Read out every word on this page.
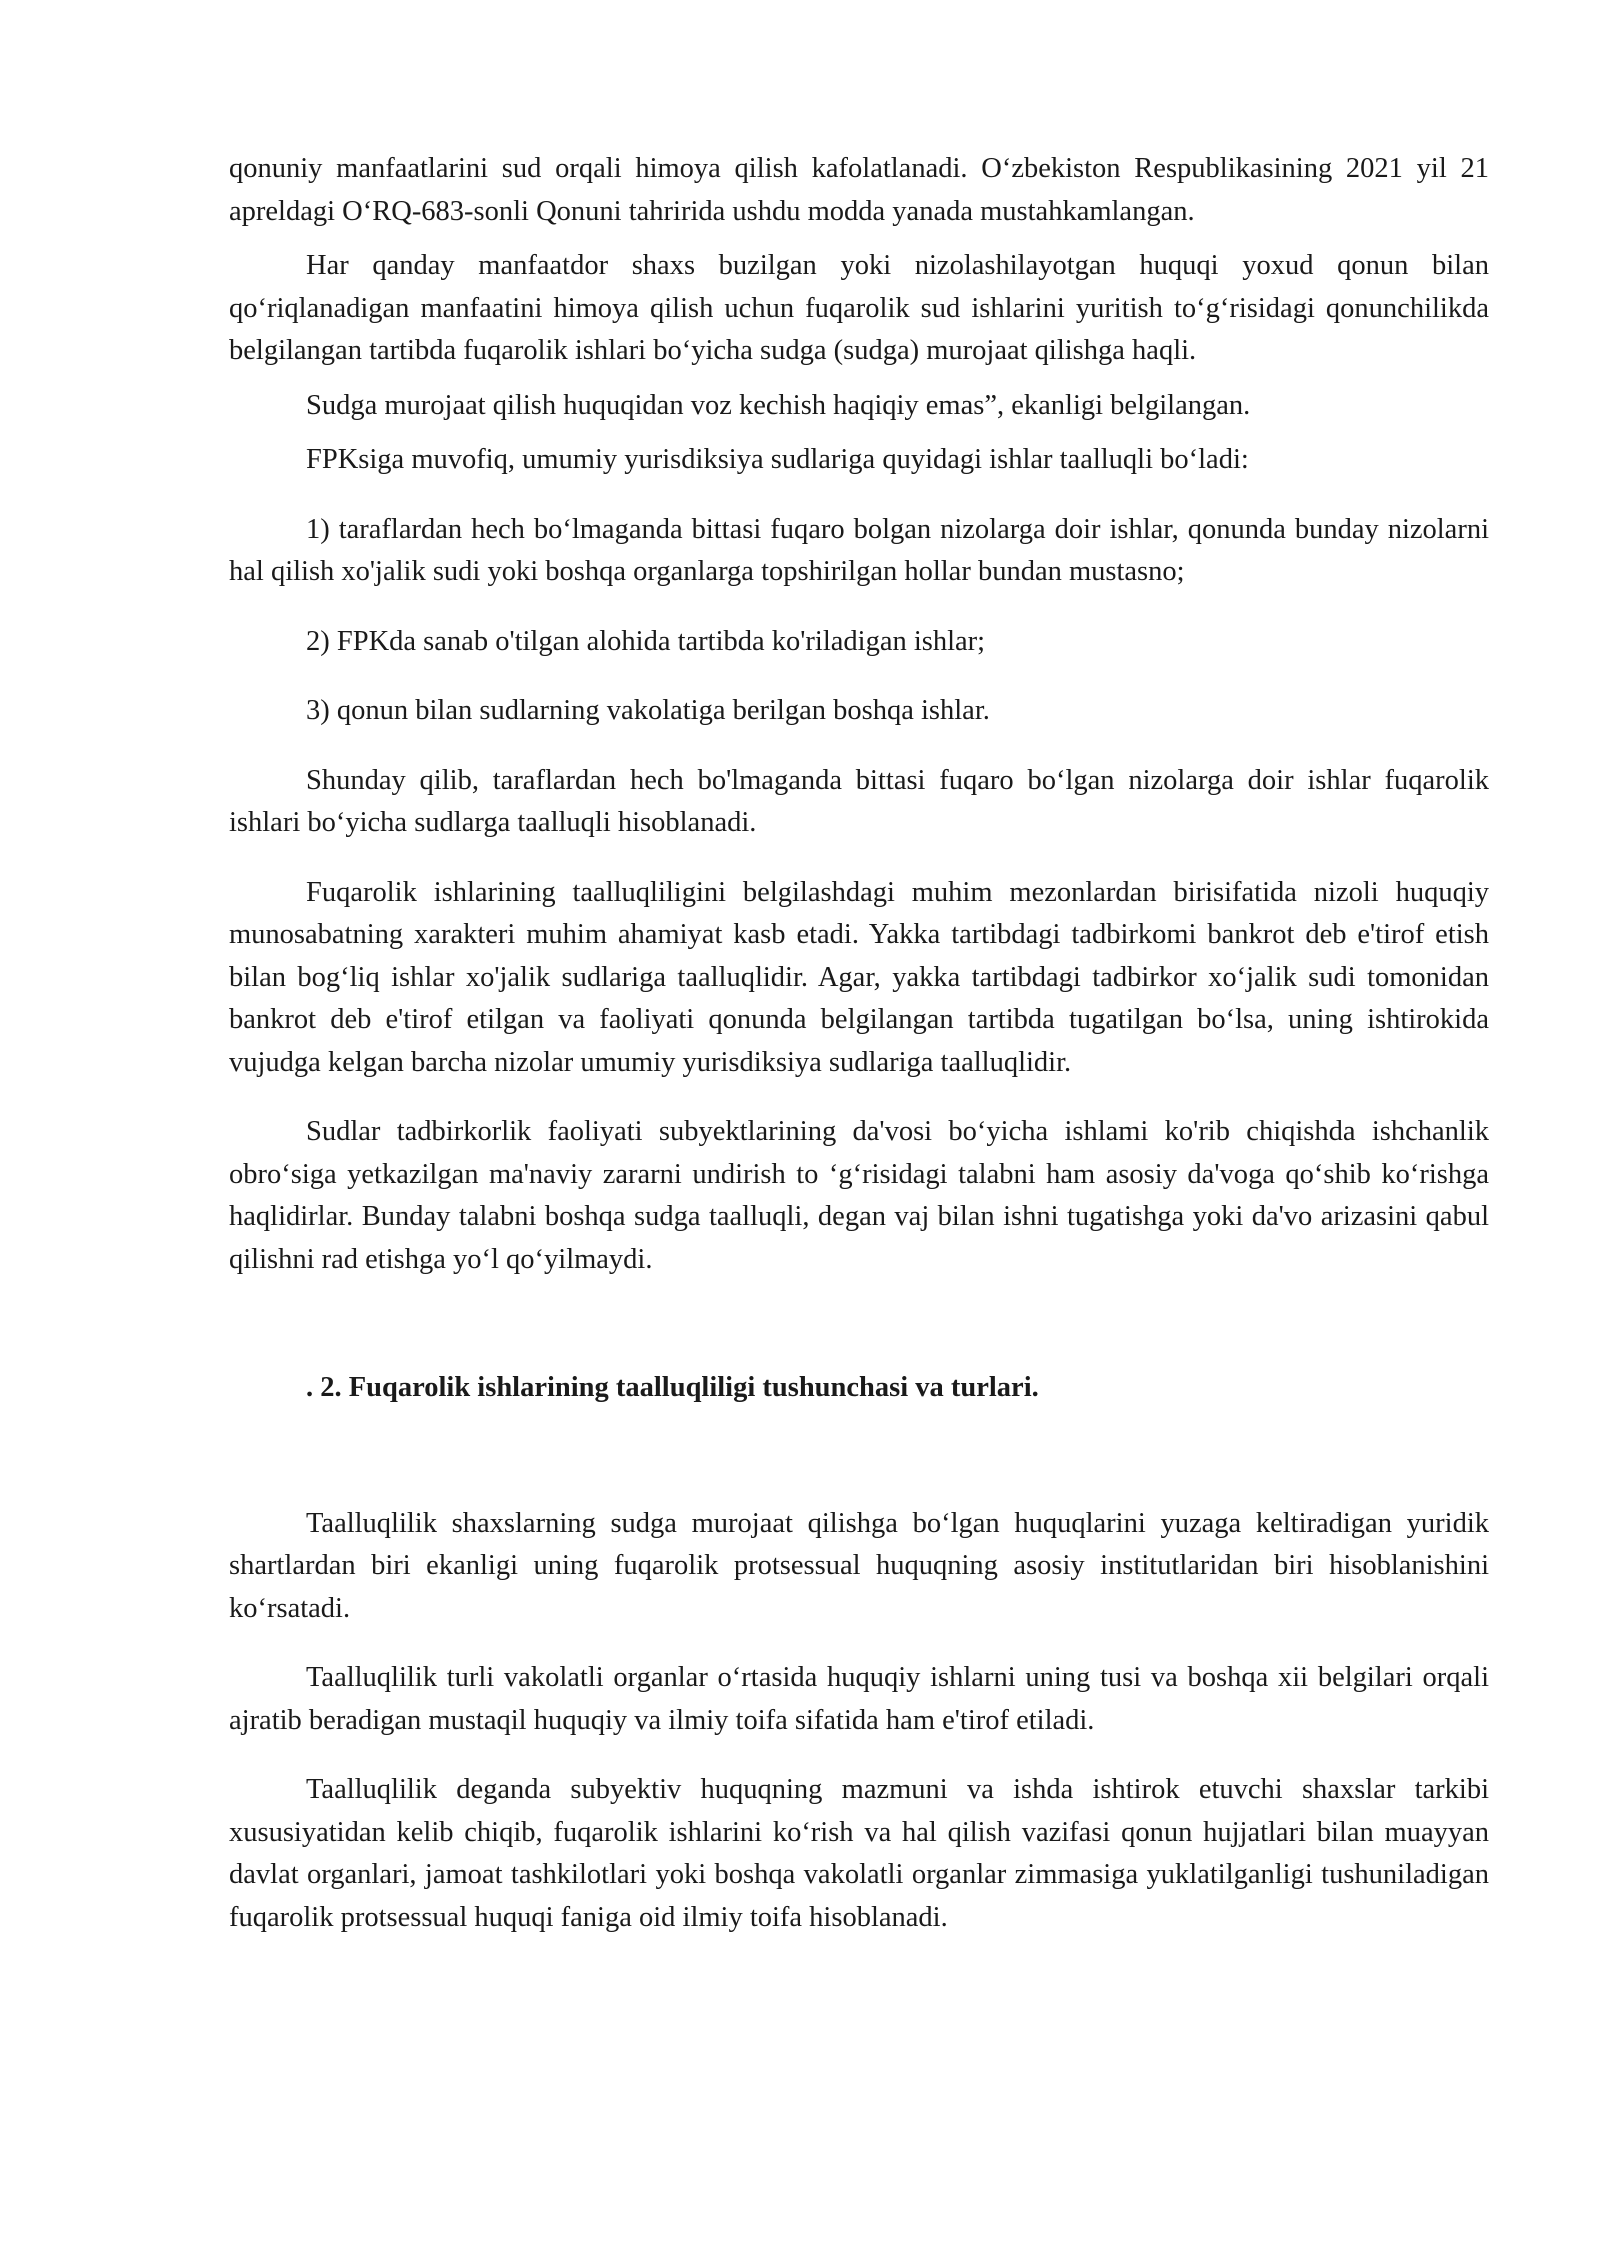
qonuniy manfaatlarini sud orqali himoya qilish kafolatlanadi. O‘zbekiston Respublikasining 2021 yil 21 apreldagi O‘RQ-683-sonli Qonuni tahririda ushdu modda yanada mustahkamlangan.

Har qanday manfaatdor shaxs buzilgan yoki nizolashilayotgan huquqi yoxud qonun bilan qo‘riqlanadigan manfaatini himoya qilish uchun fuqarolik sud ishlarini yuritish to‘g‘risidagi qonunchilikda belgilangan tartibda fuqarolik ishlari bo‘yicha sudga (sudga) murojaat qilishga haqli.

Sudga murojaat qilish huquqidan voz kechish haqiqiy emas”, ekanligi belgilangan.

FPKsiga muvofiq, umumiy yurisdiksiya sudlariga quyidagi ishlar taalluqli bo‘ladi:

1) taraflardan hech bo‘lmaganda bittasi fuqaro bolgan nizolarga doir ishlar, qonunda bunday nizolarni hal qilish xo'jalik sudi yoki boshqa organlarga topshirilgan hollar bundan mustasno;

2) FPKda sanab o'tilgan alohida tartibda ko'riladigan ishlar;

3) qonun bilan sudlarning vakolatiga berilgan boshqa ishlar.

Shunday qilib, taraflardan hech bo'lmaganda bittasi fuqaro bo‘lgan nizolarga doir ishlar fuqarolik ishlari bo‘yicha sudlarga taalluqli hisoblanadi.

Fuqarolik ishlarining taalluqliligini belgilashdagi muhim mezonlardan birisifatida nizoli huquqiy munosabatning xarakteri muhim ahamiyat kasb etadi. Yakka tartibdagi tadbirkomi bankrot deb e'tirof etish bilan bog‘liq ishlar xo'jalik sudlariga taalluqlidir. Agar, yakka tartibdagi tadbirkor xo‘jalik sudi tomonidan bankrot deb e'tirof etilgan va faoliyati qonunda belgilangan tartibda tugatilgan bo‘lsa, uning ishtirokida vujudga kelgan barcha nizolar umumiy yurisdiksiya sudlariga taalluqlidir.

Sudlar tadbirkorlik faoliyati subyektlarining da'vosi bo‘yicha ishlami ko'rib chiqishda ishchanlik obro‘siga yetkazilgan ma'naviy zararni undirish to ‘g‘risidagi talabni ham asosiy da'voga qo‘shib ko‘rishga haqlidirlar. Bunday talabni boshqa sudga taalluqli, degan vaj bilan ishni tugatishga yoki da'vo arizasini qabul qilishni rad etishga yo‘l qo‘yilmaydi.

. 2. Fuqarolik ishlarining taalluqliligi tushunchasi va turlari.

Taalluqlilik shaxslarning sudga murojaat qilishga bo‘lgan huquqlarini yuzaga keltiradigan yuridik shartlardan biri ekanligi uning fuqarolik protsessual huquqning asosiy institutlaridan biri hisoblanishini ko‘rsatadi.

Taalluqlilik turli vakolatli organlar o‘rtasida huquqiy ishlarni uning tusi va boshqa xii belgilari orqali ajratib beradigan mustaqil huquqiy va ilmiy toifa sifatida ham e'tirof etiladi.

Taalluqlilik deganda subyektiv huquqning mazmuni va ishda ishtirok etuvchi shaxslar tarkibi xususiyatidan kelib chiqib, fuqarolik ishlarini ko‘rish va hal qilish vazifasi qonun hujjatlari bilan muayyan davlat organlari, jamoat tashkilotlari yoki boshqa vakolatli organlar zimmasiga yuklatilganligi tushuniladigan fuqarolik protsessual huquqi faniga oid ilmiy toifa hisoblanadi.
